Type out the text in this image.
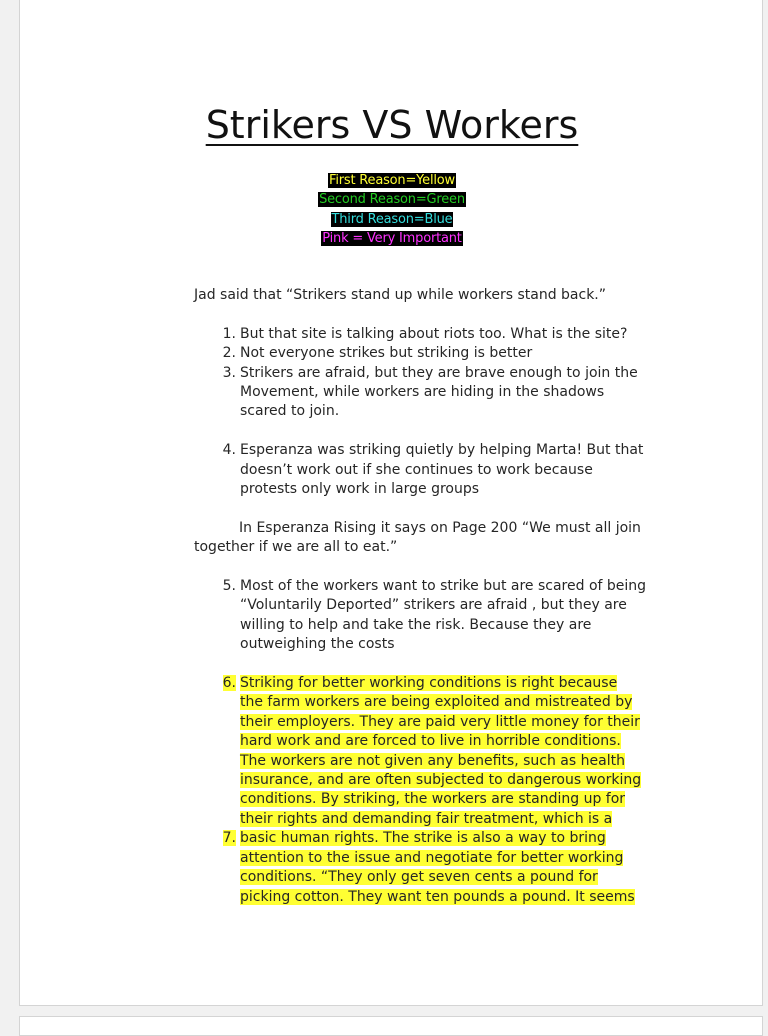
Strikers VS Workers
First Reason=Yellow
Second Reason=Green
Third Reason=Blue
Pink = Very Important

Jad said that “Strikers stand up while workers stand back.”

1. But that site is talking about riots too. What is the site?
2. Not everyone strikes but striking is better
3. Strikers are afraid, but they are brave enough to join the
Movement, while workers are hiding in the shadows
scared to join.
4. Esperanza was striking quietly by helping Marta! But that
doesn’t work out if she continues to work because
protests only work in large groups
In Esperanza Rising it says on Page 200 “We must all join
together if we are all to eat.”
5. Most of the workers want to strike but are scared of being
“Voluntarily Deported” strikers are afraid , but they are
willing to help and take the risk. Because they are
outweighing the costs
6. Striking for better working conditions is right because
the farm workers are being exploited and mistreated by
their employers. They are paid very little money for their
hard work and are forced to live in horrible conditions.
The workers are not given any benefits, such as health
insurance, and are often subjected to dangerous working
conditions. By striking, the workers are standing up for
their rights and demanding fair treatment, which is a
7. basic human rights. The strike is also a way to bring
attention to the issue and negotiate for better working
conditions. “They only get seven cents a pound for
picking cotton. They want ten pounds a pound. It seems
